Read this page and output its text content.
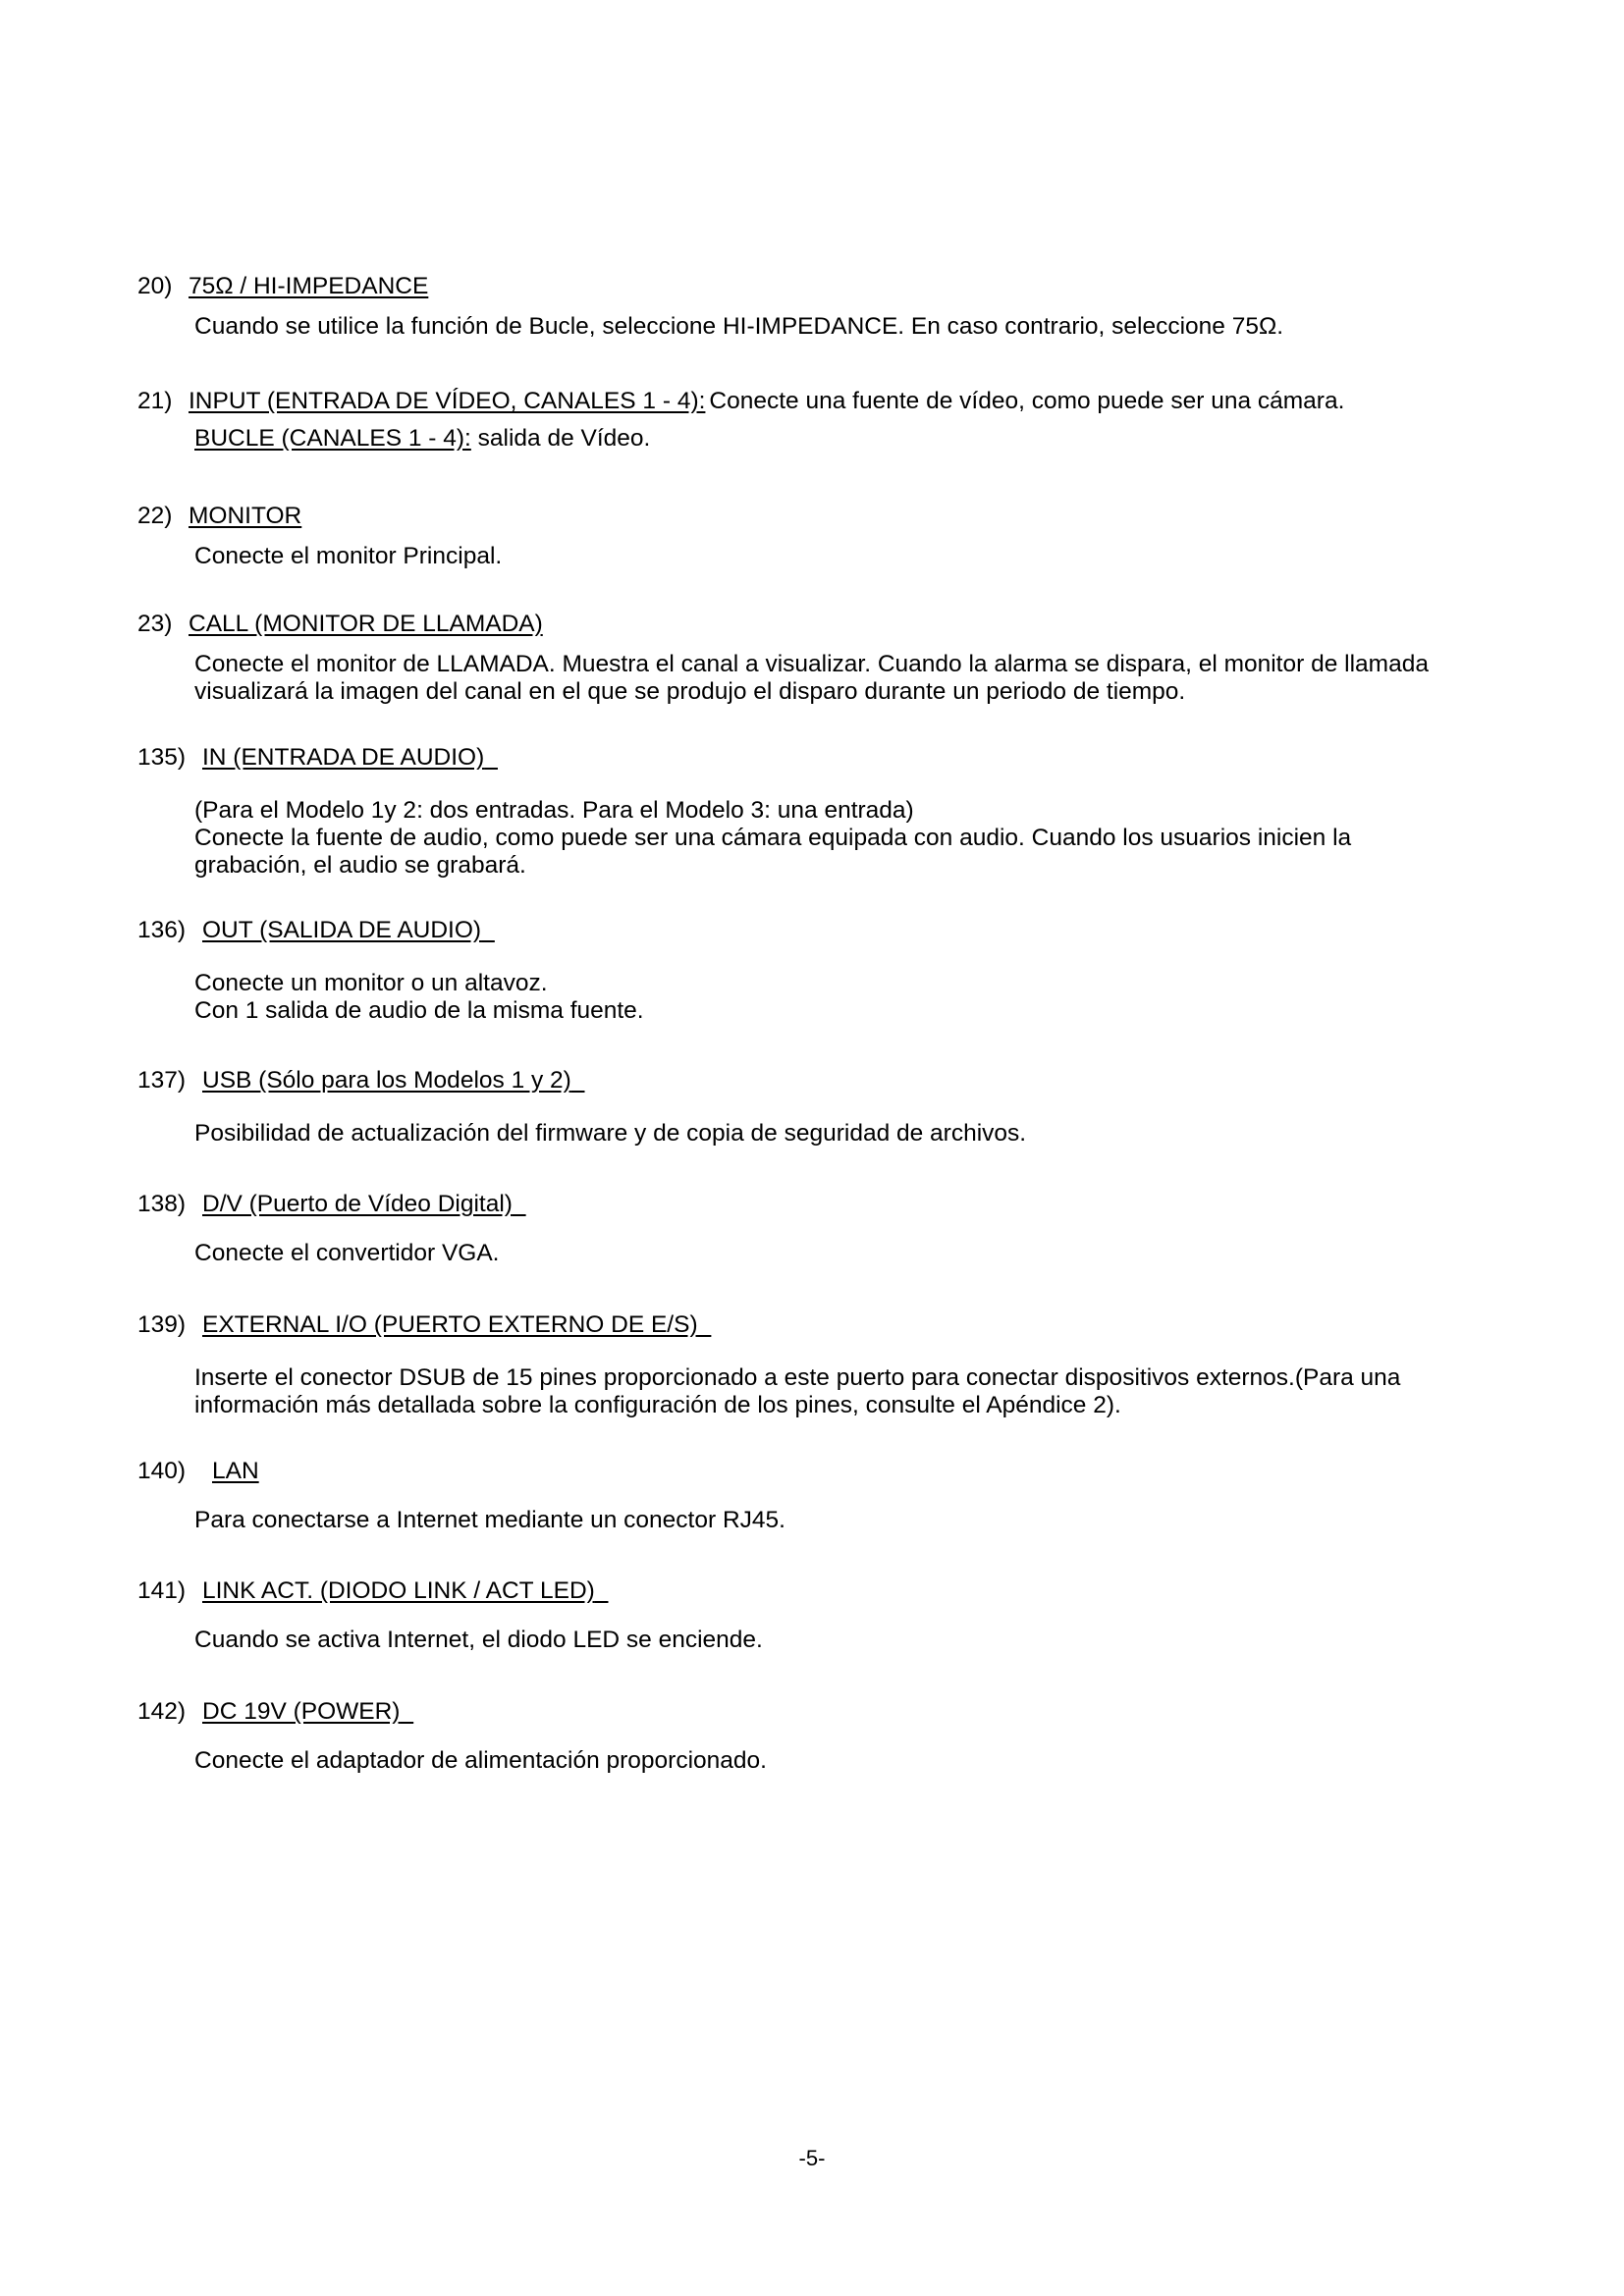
20) 75Ω / HI-IMPEDANCE

Cuando se utilice la función de Bucle, seleccione HI-IMPEDANCE. En caso contrario, seleccione 75Ω.

21) INPUT (ENTRADA DE VÍDEO, CANALES 1 - 4): Conecte una fuente de vídeo, como puede ser una cámara.
BUCLE (CANALES 1 - 4): salida de Vídeo.
22) MONITOR

Conecte el monitor Principal.

23) CALL (MONITOR DE LLAMADA)

Conecte el monitor de LLAMADA. Muestra el canal a visualizar. Cuando la alarma se dispara, el monitor de llamada

visualizará la imagen del canal en el que se produjo el disparo durante un periodo de tiempo.

135) IN (ENTRADA DE AUDIO)

(Para el Modelo 1y 2: dos entradas. Para el Modelo 3: una entrada)

Conecte la fuente de audio, como puede ser una cámara equipada con audio. Cuando los usuarios inicien la

grabación, el audio se grabará.

136) OUT (SALIDA DE AUDIO)

Conecte un monitor o un altavoz.

Con 1 salida de audio de la misma fuente.

137) USB (Sólo para los Modelos 1 y 2)

Posibilidad de actualización del firmware y de copia de seguridad de archivos.

138) D/V (Puerto de Vídeo Digital)

Conecte el convertidor VGA.

139) EXTERNAL I/O (PUERTO EXTERNO DE E/S)

Inserte el conector DSUB de 15 pines proporcionado a este puerto para conectar dispositivos externos.(Para una

información más detallada sobre la configuración de los pines, consulte el Apéndice 2).

140)	LAN

Para conectarse a Internet mediante un conector RJ45.

141) LINK ACT. (DIODO LINK / ACT LED)

Cuando se activa Internet, el diodo LED se enciende.

142) DC 19V (POWER)

Conecte el adaptador de alimentación proporcionado.

-5-
